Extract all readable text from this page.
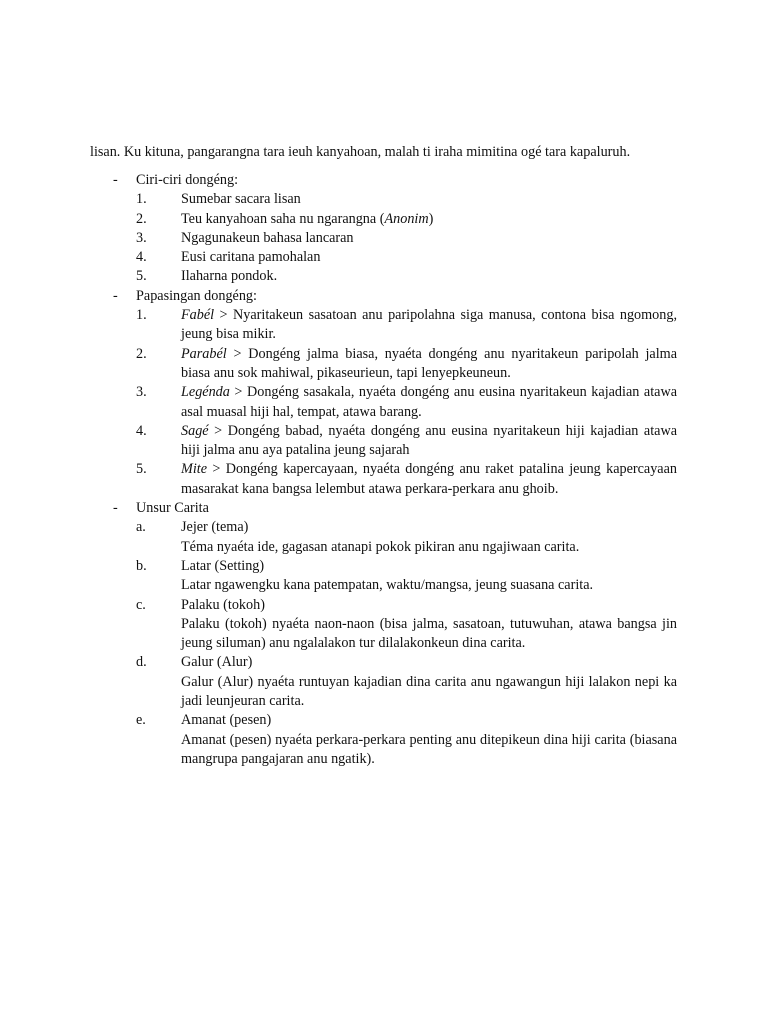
lisan. Ku kituna, pangarangna tara ieuh kanyahoan, malah ti iraha mimitina ogé tara kapaluruh.
- Ciri-ciri dongéng:
1. Sumebar sacara lisan
2. Teu kanyahoan saha nu ngarangna (Anonim)
3. Ngagunakeun bahasa lancaran
4. Eusi caritana pamohalan
5. Ilaharna pondok.
- Papasingan dongéng:
1. Fabél > Nyaritakeun sasatoan anu paripolahna siga manusa, contona bisa ngomong, jeung bisa mikir.
2. Parabél > Dongéng jalma biasa, nyaéta dongéng anu nyaritakeun paripolah jalma biasa anu sok mahiwal, pikaseurieun, tapi lenyepkeuneun.
3. Legénda > Dongéng sasakala, nyaéta dongéng anu eusina nyaritakeun kajadian atawa asal muasal hiji hal, tempat, atawa barang.
4. Sagé > Dongéng babad, nyaéta dongéng anu eusina nyaritakeun hiji kajadian atawa hiji jalma anu aya patalina jeung sajarah
5. Mite > Dongéng kapercayaan, nyaéta dongéng anu raket patalina jeung kapercayaan masarakat kana bangsa lelembut atawa perkara-perkara anu ghoib.
- Unsur Carita
a. Jejer (tema)
Téma nyaéta ide, gagasan atanapi pokok pikiran anu ngajiwaan carita.
b. Latar (Setting)
Latar ngawengku kana patempatan, waktu/mangsa, jeung suasana carita.
c. Palaku (tokoh)
Palaku (tokoh) nyaéta naon-naon (bisa jalma, sasatoan, tutuwuhan, atawa bangsa jin jeung siluman) anu ngalalakon tur dilalakonkeun dina carita.
d. Galur (Alur)
Galur (Alur) nyaéta runtuyan kajadian dina carita anu ngawangun hiji lalakon nepi ka jadi leunjeuran carita.
e. Amanat (pesen)
Amanat (pesen) nyaéta perkara-perkara penting anu ditepikeun dina hiji carita (biasana mangrupa pangajaran anu ngatik).
